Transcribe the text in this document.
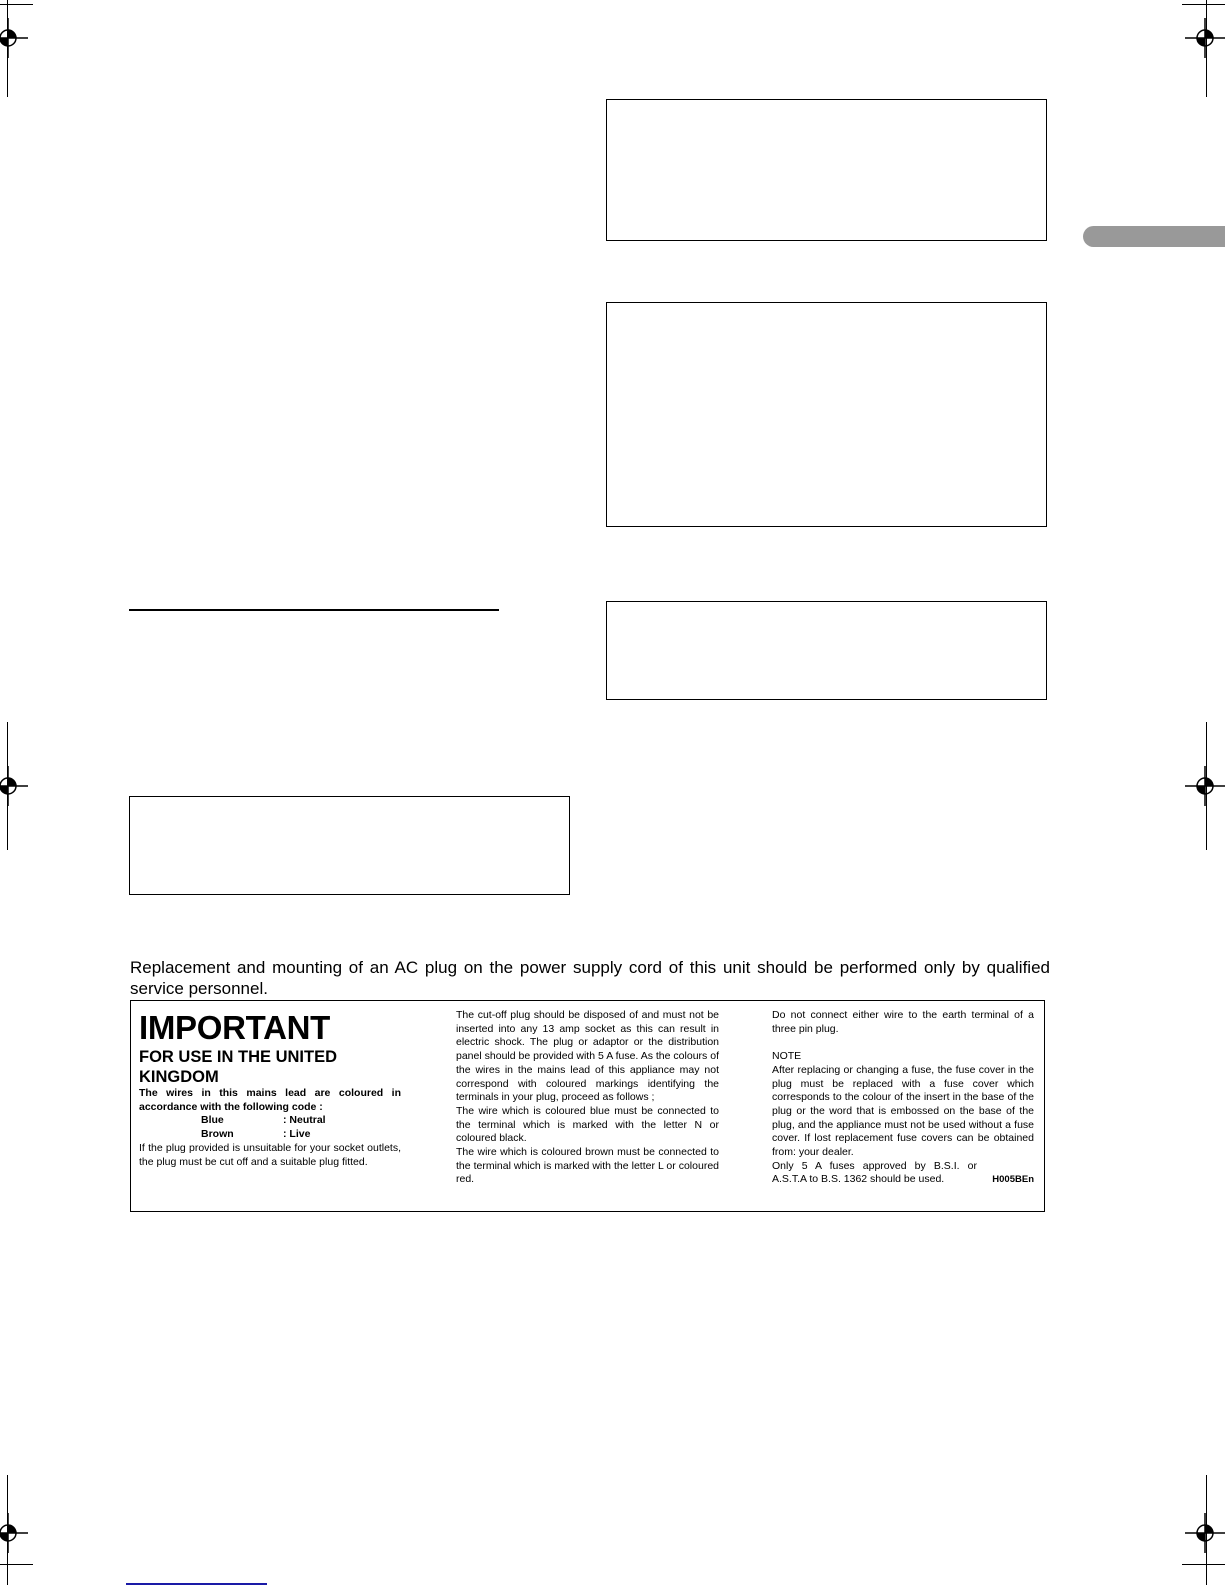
Replacement and mounting of an AC plug on the power supply cord of this unit should be performed only by qualified service personnel.

IMPORTANT

FOR USE IN THE UNITED KINGDOM

The wires in this mains lead are coloured in accordance with the following code :

Blue	: Neutral
Brown	: Live

If the plug provided is unsuitable for your socket outlets, the plug must be cut off and a suitable plug fitted.

The cut-off plug should be disposed of and must not be inserted into any 13 amp socket as this can result in electric shock. The plug or adaptor or the distribution panel should be provided with 5 A fuse. As the colours of the wires in the mains lead of this appliance may not correspond with coloured markings identifying the terminals in your plug, proceed as follows ;

The wire which is coloured blue must be connected to the terminal which is marked with the letter N or coloured black.

The wire which is coloured brown must be connected to the terminal which is marked with the letter L or coloured red.

Do not connect either wire to the earth terminal of a three pin plug.

NOTE

After replacing or changing a fuse, the fuse cover in the plug must be replaced with a fuse cover which corresponds to the colour of the insert in the base of the plug or the word that is embossed on the base of the plug, and the appliance must not be used without a fuse cover. If lost replacement fuse covers can be obtained from: your dealer.

Only 5 A fuses approved by B.S.I. or A.S.T.A to B.S. 1362 should be used.	H005BEn
